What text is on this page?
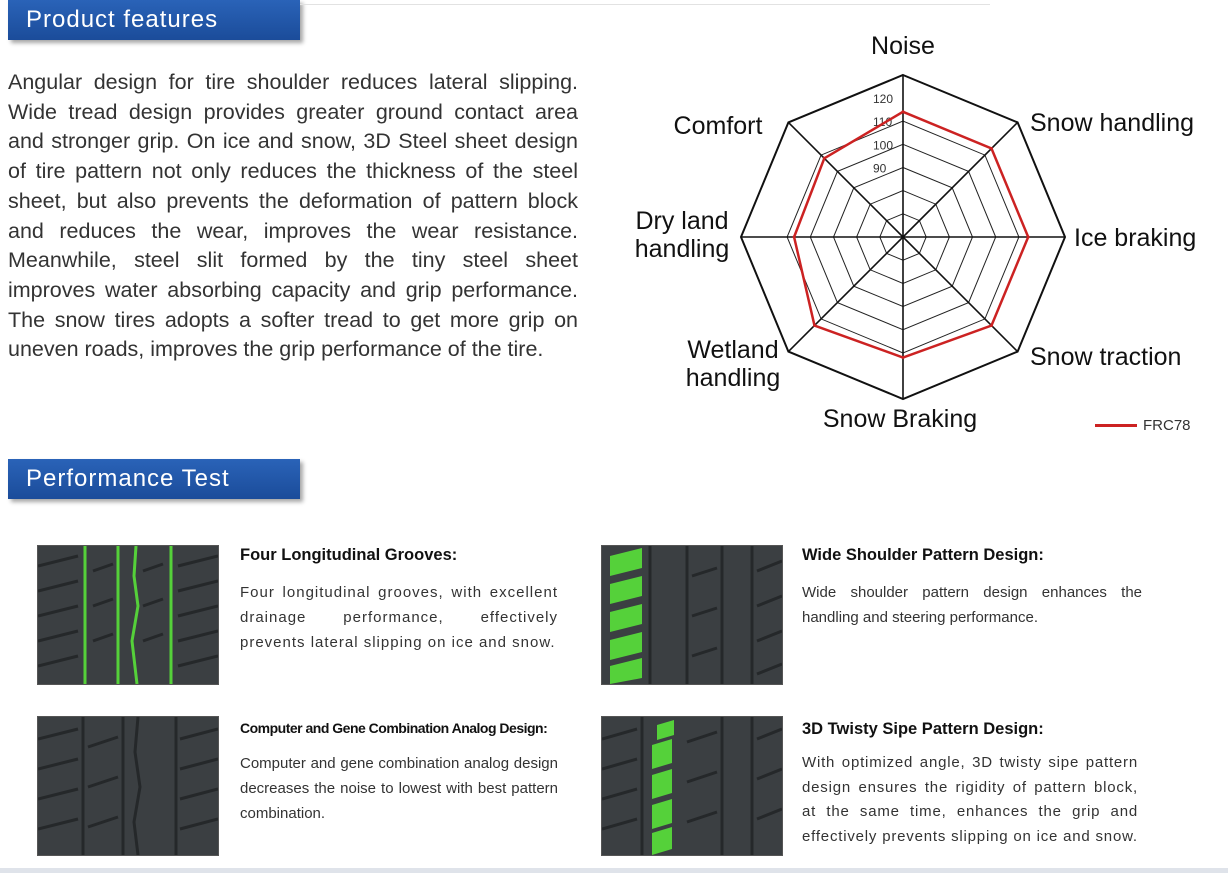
Product features

Angular design for tire shoulder reduces lateral slipping. Wide tread design provides greater ground contact area and stronger grip. On ice and snow, 3D Steel sheet design of tire pattern not only reduces the thickness of the steel sheet, but also prevents the deformation of pattern block and reduces the wear, improves the wear resistance. Meanwhile, steel slit formed by the tiny steel sheet improves water absorbing capacity and grip performance. The snow tires adopts a softer tread to get more grip on uneven roads, improves the grip performance of the tire.

90
100
110
120
Noise
Snow handling
Ice braking
Snow traction
Snow Braking
Wetland handling
Dry land handling
Comfort
FRC78
Performance Test
Four Longitudinal Grooves:

Four longitudinal grooves, with excellent drainage performance, effectively prevents lateral slipping on ice and snow.

Wide Shoulder Pattern Design:

Wide shoulder pattern design enhances the handling and steering performance.

Computer and Gene Combination Analog Design:

Computer and gene combination analog design decreases the noise to lowest with best pattern combination.

3D Twisty Sipe Pattern Design:

With optimized angle, 3D twisty sipe pattern design ensures the rigidity of pattern block, at the same time, enhances the grip and effectively prevents slipping on ice and snow.
